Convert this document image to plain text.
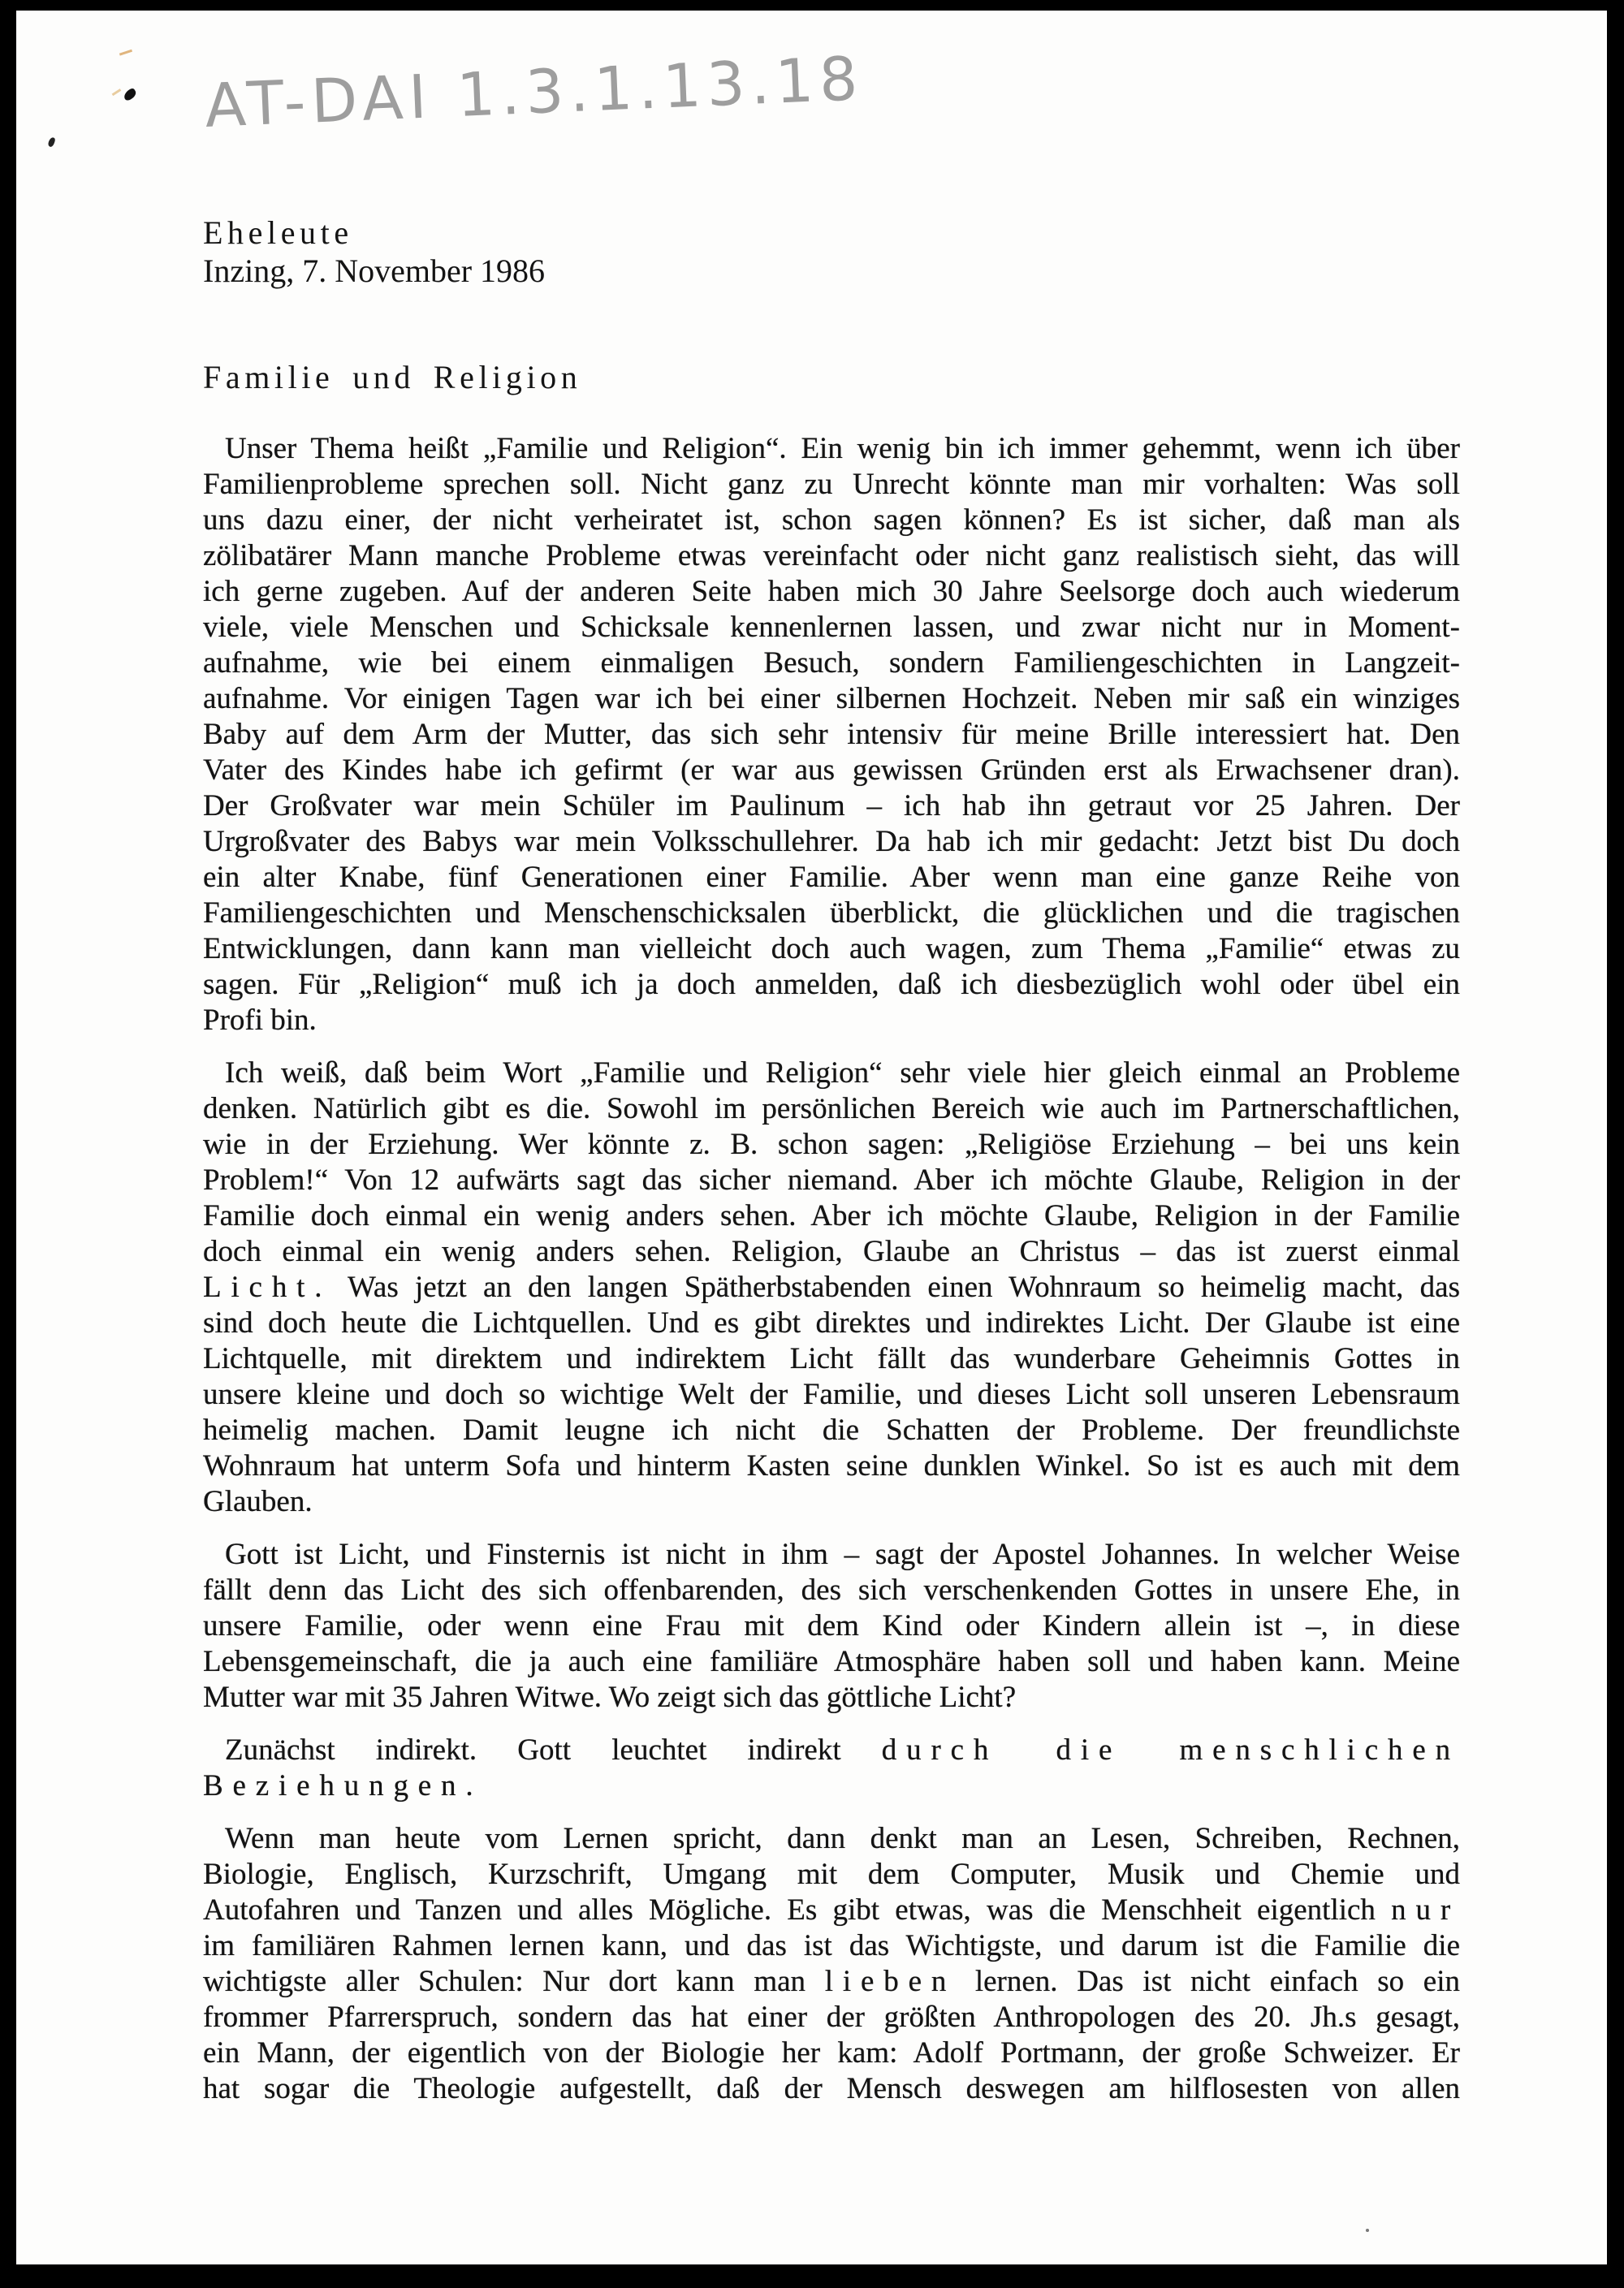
AT-DAI 1.3.1.13.18
Eheleute
Inzing, 7. November 1986
Familie und Religion
Unser Thema heißt „Familie und Religion“. Ein wenig bin ich immer gehemmt, wenn ich über
Familienprobleme sprechen soll. Nicht ganz zu Unrecht könnte man mir vorhalten: Was soll
uns dazu einer, der nicht verheiratet ist, schon sagen können? Es ist sicher, daß man als
zölibatärer Mann manche Probleme etwas vereinfacht oder nicht ganz realistisch sieht, das will
ich gerne zugeben. Auf der anderen Seite haben mich 30 Jahre Seelsorge doch auch wiederum
viele, viele Menschen und Schicksale kennenlernen lassen, und zwar nicht nur in Moment-
aufnahme, wie bei einem einmaligen Besuch, sondern Familiengeschichten in Langzeit-
aufnahme. Vor einigen Tagen war ich bei einer silbernen Hochzeit. Neben mir saß ein winziges
Baby auf dem Arm der Mutter, das sich sehr intensiv für meine Brille interessiert hat. Den
Vater des Kindes habe ich gefirmt (er war aus gewissen Gründen erst als Erwachsener dran).
Der Großvater war mein Schüler im Paulinum – ich hab ihn getraut vor 25 Jahren. Der
Urgroßvater des Babys war mein Volksschullehrer. Da hab ich mir gedacht: Jetzt bist Du doch
ein alter Knabe, fünf Generationen einer Familie. Aber wenn man eine ganze Reihe von
Familiengeschichten und Menschenschicksalen überblickt, die glücklichen und die tragischen
Entwicklungen, dann kann man vielleicht doch auch wagen, zum Thema „Familie“ etwas zu
sagen. Für „Religion“ muß ich ja doch anmelden, daß ich diesbezüglich wohl oder übel ein
Profi bin.
Ich weiß, daß beim Wort „Familie und Religion“ sehr viele hier gleich einmal an Probleme
denken. Natürlich gibt es die. Sowohl im persönlichen Bereich wie auch im Partnerschaftlichen,
wie in der Erziehung. Wer könnte z. B. schon sagen: „Religiöse Erziehung – bei uns kein
Problem!“ Von 12 aufwärts sagt das sicher niemand. Aber ich möchte Glaube, Religion in der
Familie doch einmal ein wenig anders sehen. Aber ich möchte Glaube, Religion in der Familie
doch einmal ein wenig anders sehen. Religion, Glaube an Christus – das ist zuerst einmal
Licht. Was jetzt an den langen Spätherbstabenden einen Wohnraum so heimelig macht, das
sind doch heute die Lichtquellen. Und es gibt direktes und indirektes Licht. Der Glaube ist eine
Lichtquelle, mit direktem und indirektem Licht fällt das wunderbare Geheimnis Gottes in
unsere kleine und doch so wichtige Welt der Familie, und dieses Licht soll unseren Lebensraum
heimelig machen. Damit leugne ich nicht die Schatten der Probleme. Der freundlichste
Wohnraum hat unterm Sofa und hinterm Kasten seine dunklen Winkel. So ist es auch mit dem
Glauben.
Gott ist Licht, und Finsternis ist nicht in ihm – sagt der Apostel Johannes. In welcher Weise
fällt denn das Licht des sich offenbarenden, des sich verschenkenden Gottes in unsere Ehe, in
unsere Familie, oder wenn eine Frau mit dem Kind oder Kindern allein ist –, in diese
Lebensgemeinschaft, die ja auch eine familiäre Atmosphäre haben soll und haben kann. Meine
Mutter war mit 35 Jahren Witwe. Wo zeigt sich das göttliche Licht?
Zunächst indirekt. Gott leuchtet indirekt durch die menschlichen Beziehungen.
Wenn man heute vom Lernen spricht, dann denkt man an Lesen, Schreiben, Rechnen,
Biologie, Englisch, Kurzschrift, Umgang mit dem Computer, Musik und Chemie und
Autofahren und Tanzen und alles Mögliche. Es gibt etwas, was die Menschheit eigentlich nur
im familiären Rahmen lernen kann, und das ist das Wichtigste, und darum ist die Familie die
wichtigste aller Schulen: Nur dort kann man lieben lernen. Das ist nicht einfach so ein
frommer Pfarrerspruch, sondern das hat einer der größten Anthropologen des 20. Jh.s gesagt,
ein Mann, der eigentlich von der Biologie her kam: Adolf Portmann, der große Schweizer. Er
hat sogar die Theologie aufgestellt, daß der Mensch deswegen am hilflosesten von allen
